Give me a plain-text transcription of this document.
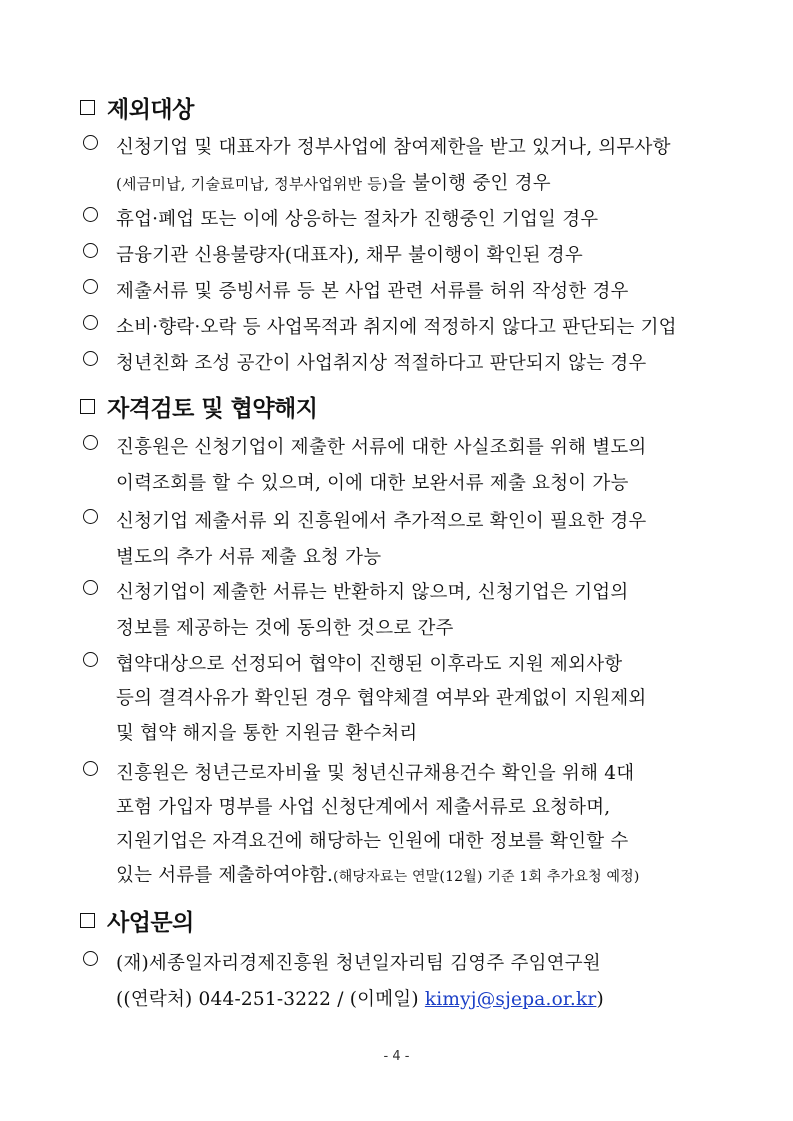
제외대상
신청기업 및 대표자가 정부사업에 참여제한을 받고 있거나, 의무사항
(세금미납, 기술료미납, 정부사업위반 등)을 불이행 중인 경우
휴업·폐업 또는 이에 상응하는 절차가 진행중인 기업일 경우
금융기관 신용불량자(대표자), 채무 불이행이 확인된 경우
제출서류 및 증빙서류 등 본 사업 관련 서류를 허위 작성한 경우
소비·향락·오락 등 사업목적과 취지에 적정하지 않다고 판단되는 기업
청년친화 조성 공간이 사업취지상 적절하다고 판단되지 않는 경우
자격검토 및 협약해지
진흥원은 신청기업이 제출한 서류에 대한 사실조회를 위해 별도의
이력조회를 할 수 있으며, 이에 대한 보완서류 제출 요청이 가능
신청기업 제출서류 외 진흥원에서 추가적으로 확인이 필요한 경우
별도의 추가 서류 제출 요청 가능
신청기업이 제출한 서류는 반환하지 않으며, 신청기업은 기업의
정보를 제공하는 것에 동의한 것으로 간주
협약대상으로 선정되어 협약이 진행된 이후라도 지원 제외사항
등의 결격사유가 확인된 경우 협약체결 여부와 관계없이 지원제외
및 협약 해지을 통한 지원금 환수처리
진흥원은 청년근로자비율 및 청년신규채용건수 확인을 위해 4대
포험 가입자 명부를 사업 신청단계에서 제출서류로 요청하며,
지원기업은 자격요건에 해당하는 인원에 대한 정보를 확인할 수
있는 서류를 제출하여야함.(해당자료는 연말(12월) 기준 1회 추가요청 예정)
사업문의
(재)세종일자리경제진흥원 청년일자리팀 김영주 주임연구원
((연락처) 044-251-3222 / (이메일) kimyj@sjepa.or.kr)
- 4 -
